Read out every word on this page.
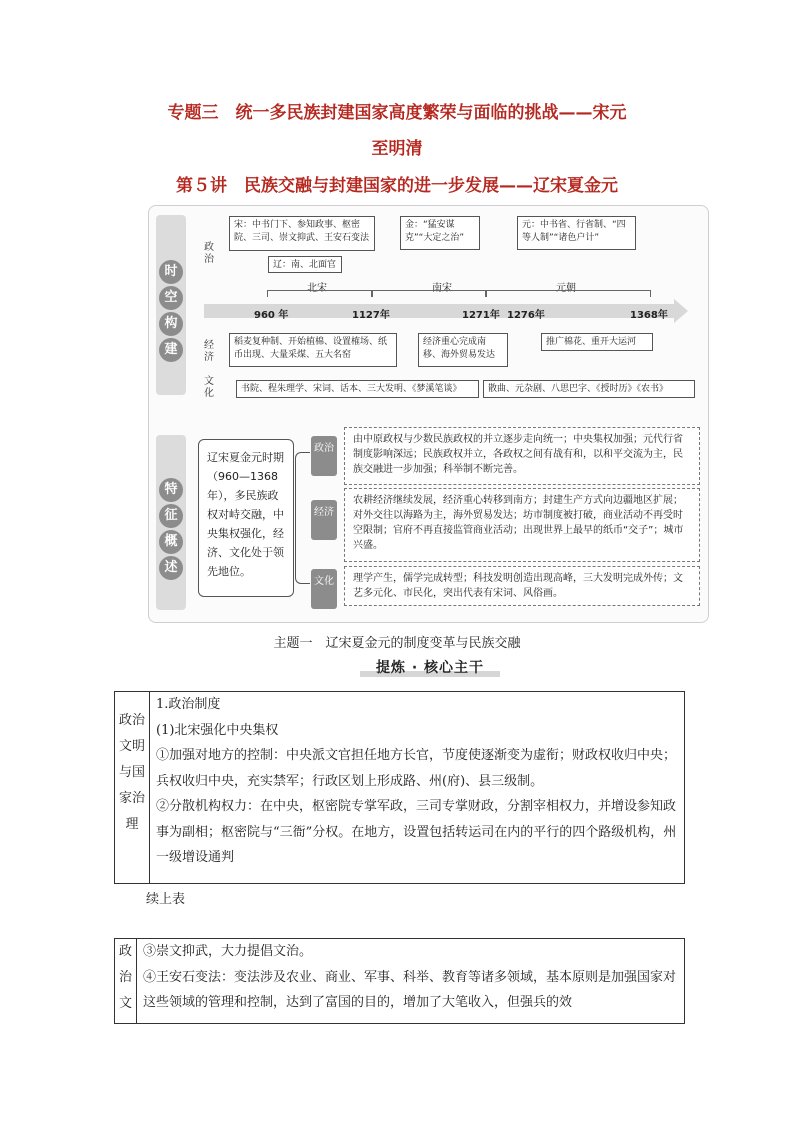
专题三　统一多民族封建国家高度繁荣与面临的挑战——宋元
至明清
第５讲　民族交融与封建国家的进一步发展——辽宋夏金元
时
空
构
建
特
征
概
述
政治
经济
文化
宋：中书门下、参知政事、枢密院、三司、崇文抑武、王安石变法
辽：南、北面官
金：“猛安谋克”“大定之治”
元：中书省、行省制、“四等人制”“诸色户计”
北宋	南宋	元朝
960 年	1127年	1271年 1276年	1368年
稻麦复种制、开始植棉、设置榷场、纸币出现、大量采煤、五大名窑
经济重心完成南移、海外贸易发达
推广棉花、重开大运河
书院、程朱理学、宋词、话本、三大发明、《梦溪笔谈》	散曲、元杂剧、八思巴字、《授时历》《农书》
辽宋夏金元时期（960—1368年），多民族政权对峙交融，中央集权强化，经济、文化处于领先地位。
政治
由中原政权与少数民族政权的并立逐步走向统一；中央集权加强；元代行省制度影响深远；民族政权并立，各政权之间有战有和，以和平交流为主，民族交融进一步加强；科举制不断完善。
经济
农耕经济继续发展，经济重心转移到南方；封建生产方式向边疆地区扩展；对外交往以海路为主，海外贸易发达；坊市制度被打破，商业活动不再受时空限制；官府不再直接监管商业活动；出现世界上最早的纸币“交子”；城市兴盛。
文化	理学产生，儒学完成转型；科技发明创造出现高峰，三大发明完成外传；文艺多元化、市民化，突出代表有宋词、风俗画。
主题一　辽宋夏金元的制度变革与民族交融
提炼 · 核心主干
政治文明与国家治理

1.政治制度
(1)北宋强化中央集权
①加强对地方的控制：中央派文官担任地方长官，节度使逐渐变为虚衔；财政权收归中央；兵权收归中央，充实禁军；行政区划上形成路、州(府)、县三级制。
②分散机构权力：在中央，枢密院专掌军政，三司专掌财政，分割宰相权力，并增设参知政事为副相；枢密院与“三衙”分权。在地方，设置包括转运司在内的平行的四个路级机构，州一级增设通判
续上表
政治文

③崇文抑武，大力提倡文治。
④王安石变法：变法涉及农业、商业、军事、科举、教育等诸多领域，基本原则是加强国家对这些领域的管理和控制，达到了富国的目的，增加了大笔收入，但强兵的效
